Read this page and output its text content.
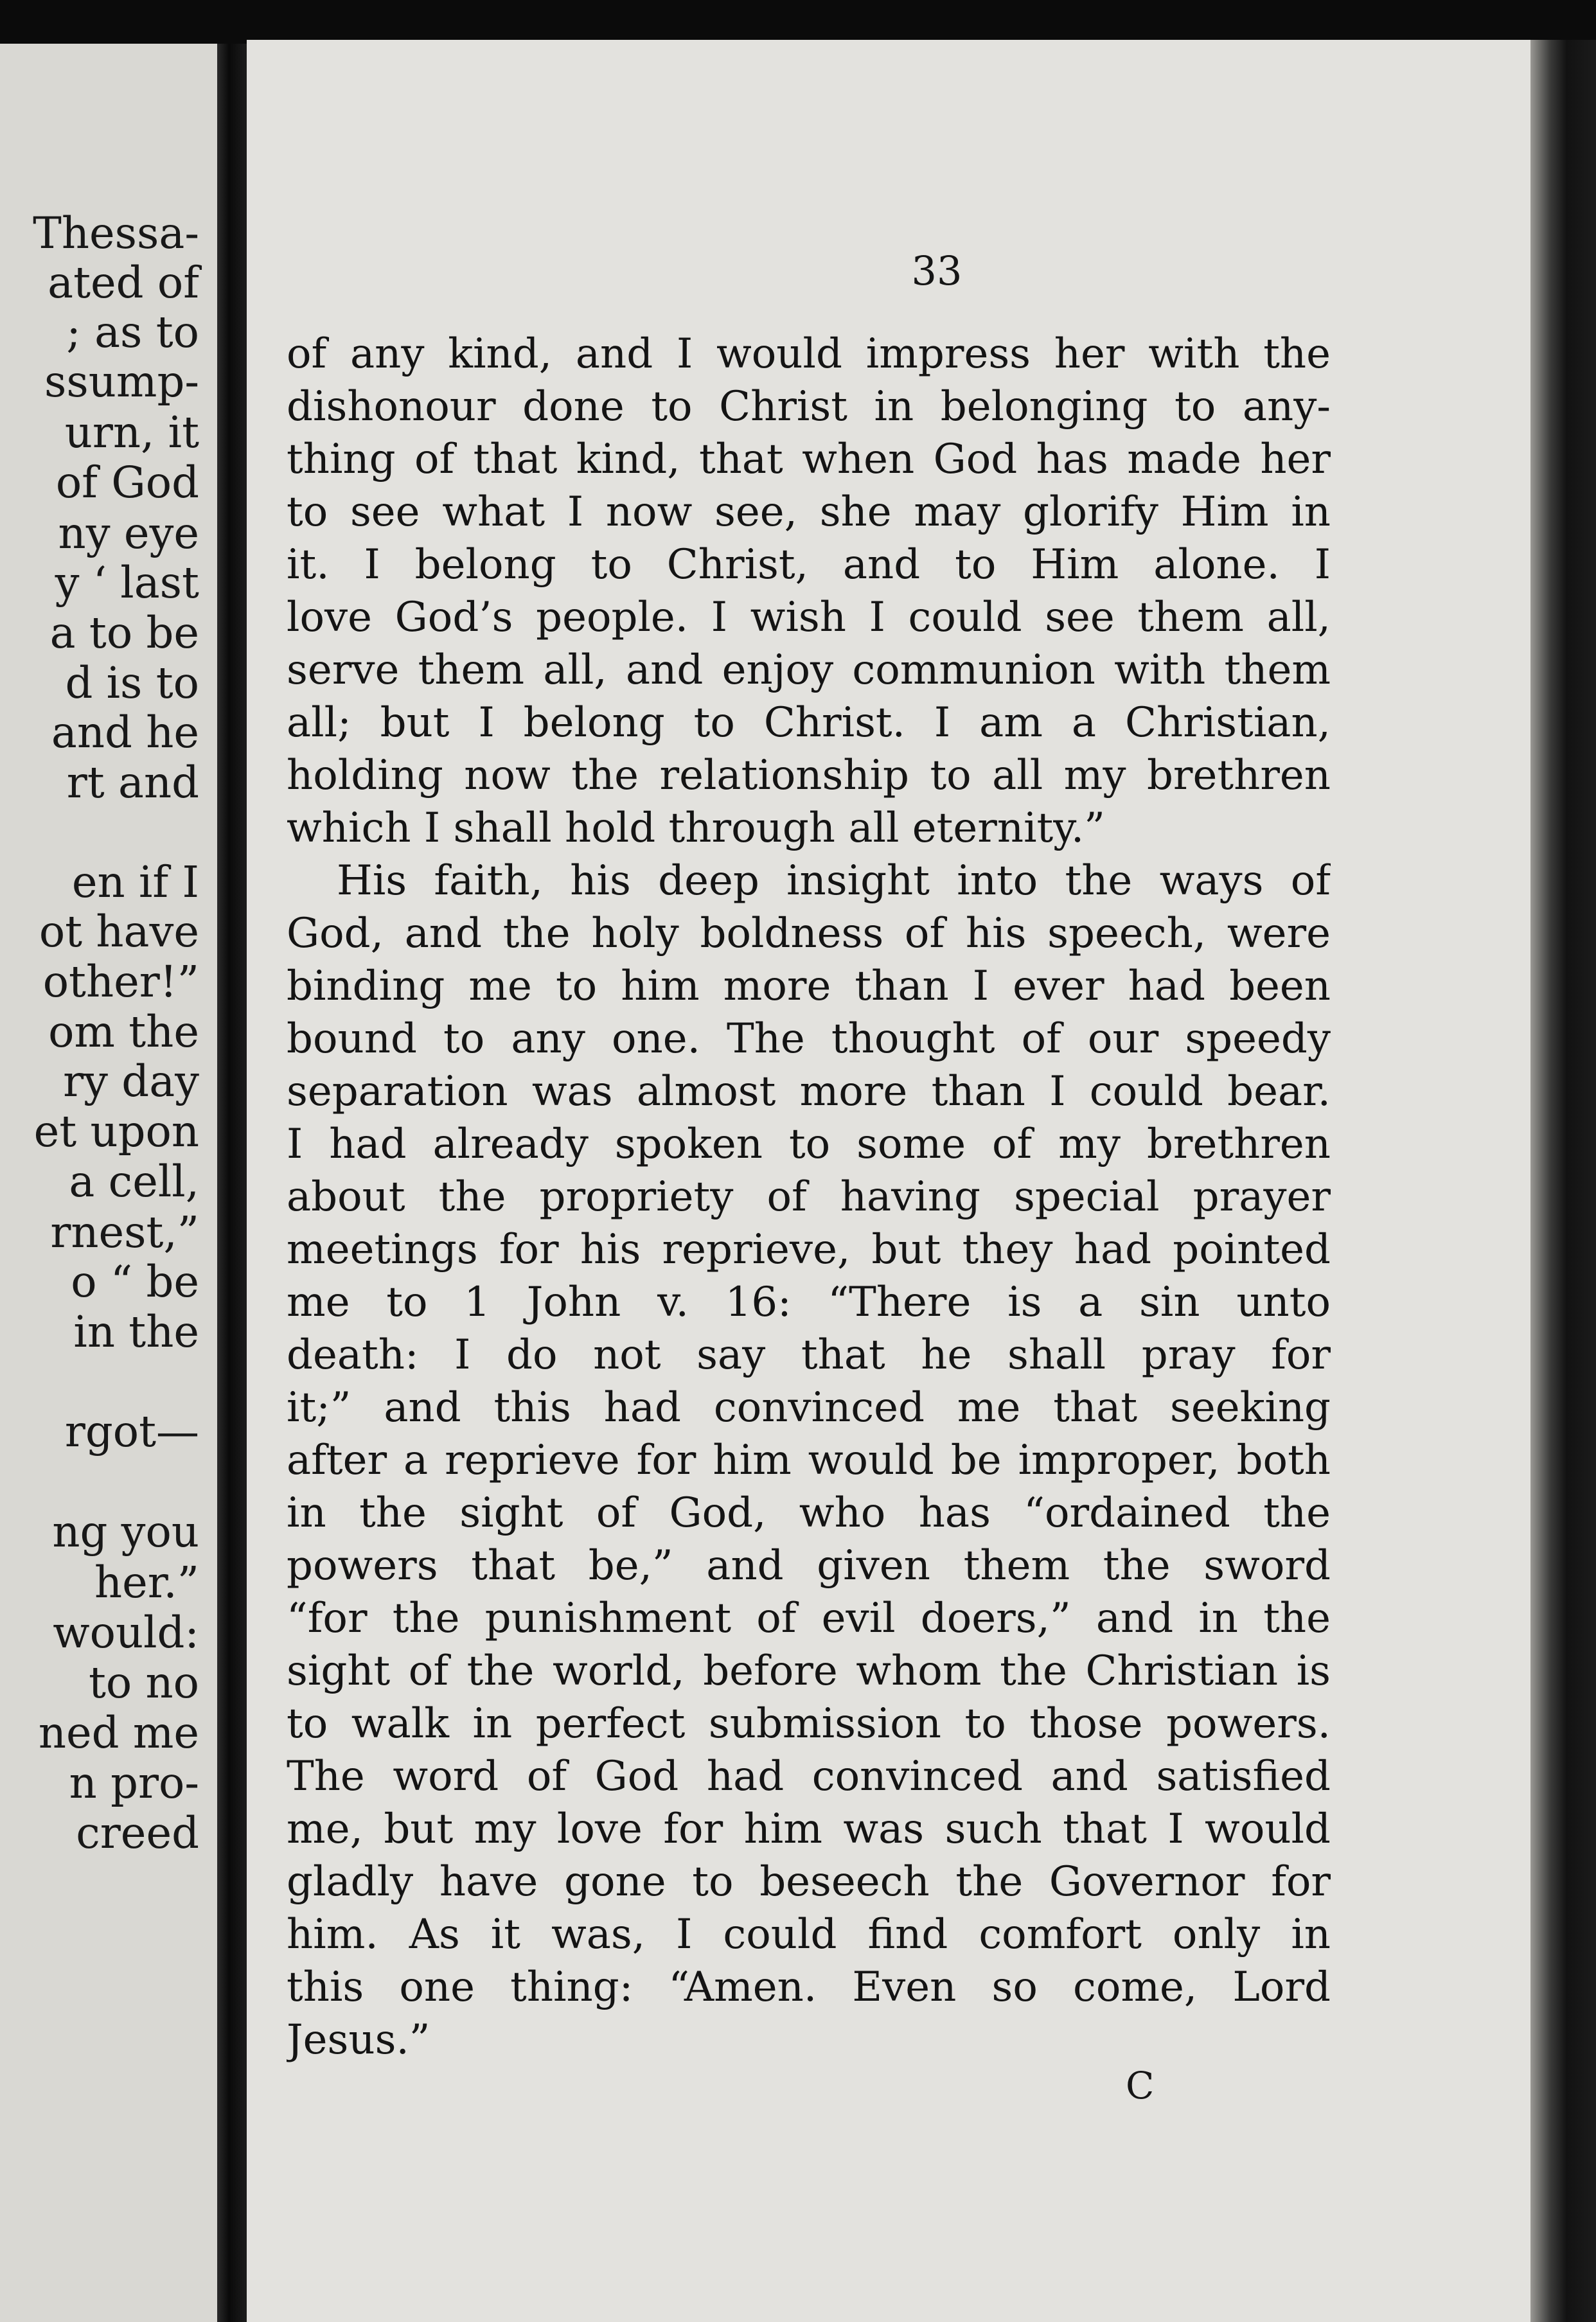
Thessa-
ated of
; as to
ssump-
urn, it
of God
ny eye
y ‘ last
a to be
d is to
and he
rt and
en if I
ot have
other!”
om the
ry day
et upon
a cell,
rnest,”
o “ be
in the
rgot—
ng you
her.”
would:
to no
ned me
n pro-
creed
33
of any kind, and I would impress her with the
dishonour done to Christ in belonging to any-
thing of that kind, that when God has made her
to see what I now see, she may glorify Him in
it. I belong to Christ, and to Him alone. I
love God’s people. I wish I could see them all,
serve them all, and enjoy communion with them
all; but I belong to Christ. I am a Christian,
holding now the relationship to all my brethren
which I shall hold through all eternity.”
His faith, his deep insight into the ways of
God, and the holy boldness of his speech, were
binding me to him more than I ever had been
bound to any one. The thought of our speedy
separation was almost more than I could bear.
I had already spoken to some of my brethren
about the propriety of having special prayer
meetings for his reprieve, but they had pointed
me to 1 John v. 16: “There is a sin unto
death: I do not say that he shall pray for
it;” and this had convinced me that seeking
after a reprieve for him would be improper, both
in the sight of God, who has “ordained the
powers that be,” and given them the sword
“for the punishment of evil doers,” and in the
sight of the world, before whom the Christian is
to walk in perfect submission to those powers.
The word of God had convinced and satisfied
me, but my love for him was such that I would
gladly have gone to beseech the Governor for
him. As it was, I could find comfort only in
this one thing: “Amen. Even so come, Lord
Jesus.”
C
